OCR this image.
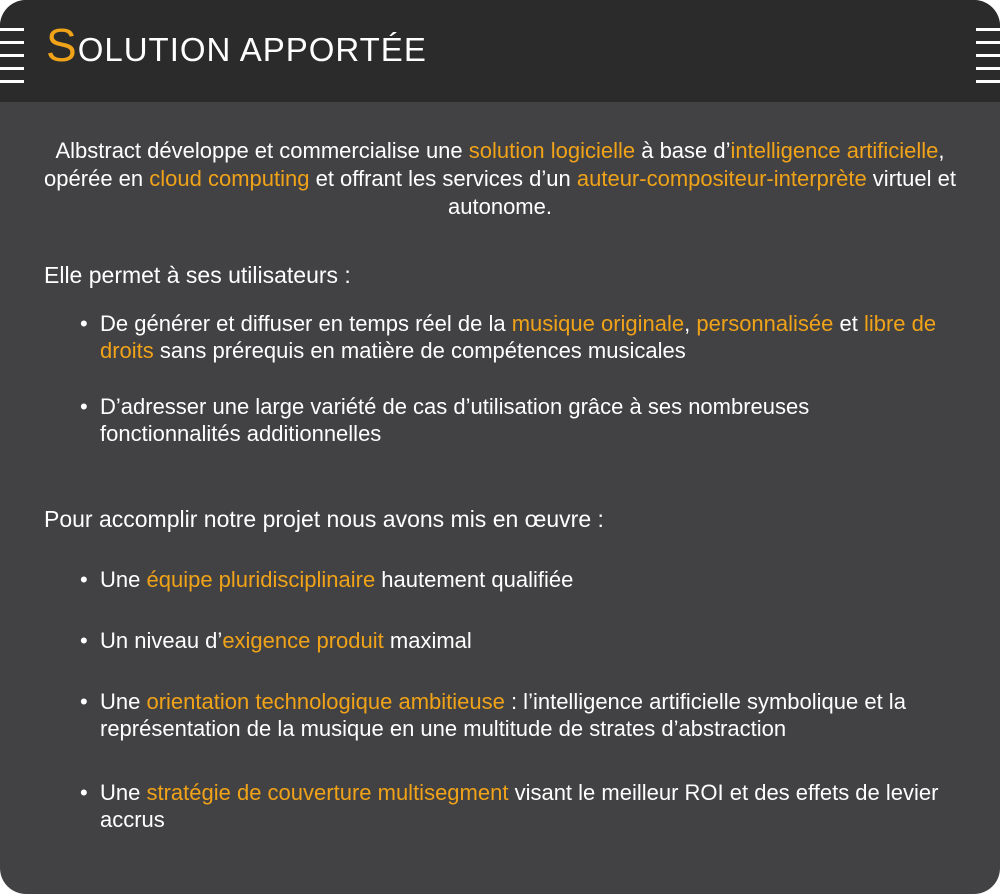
SOLUTION APPORTÉE

Albstract développe et commercialise une solution logicielle à base d’intelligence artificielle, opérée en cloud computing et offrant les services d’un auteur-compositeur-interprète virtuel et autonome.

Elle permet à ses utilisateurs :

• De générer et diffuser en temps réel de la musique originale, personnalisée et libre de droits sans prérequis en matière de compétences musicales

• D’adresser une large variété de cas d’utilisation grâce à ses nombreuses fonctionnalités additionnelles

Pour accomplir notre projet nous avons mis en œuvre :

• Une équipe pluridisciplinaire hautement qualifiée

• Un niveau d’exigence produit maximal

• Une orientation technologique ambitieuse : l’intelligence artificielle symbolique et la représentation de la musique en une multitude de strates d’abstraction

• Une stratégie de couverture multisegment visant le meilleur ROI et des effets de levier accrus
